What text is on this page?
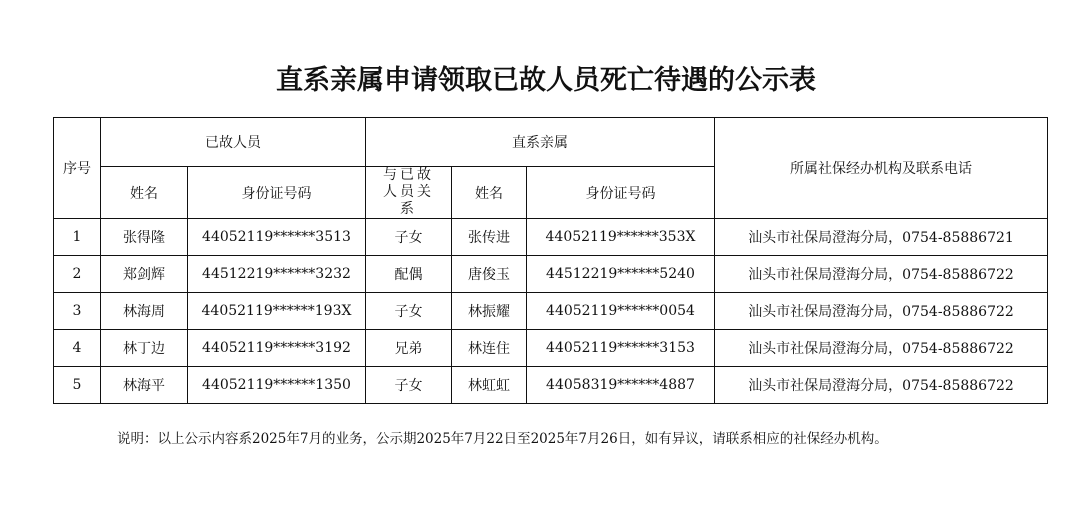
直系亲属申请领取已故人员死亡待遇的公示表
序号	已故人员		直系亲属			所属社保经办机构及联系电话
	姓名	身份证号码	与已故人员关系	姓名	身份证号码	
1	张得隆	44052119******3513	子女	张传进	44052119******353X	汕头市社保局澄海分局，0754-85886721
2	郑剑辉	44512219******3232	配偶	唐俊玉	44512219******5240	汕头市社保局澄海分局，0754-85886722
3	林海周	44052119******193X	子女	林振耀	44052119******0054	汕头市社保局澄海分局，0754-85886722
4	林丁边	44052119******3192	兄弟	林连住	44052119******3153	汕头市社保局澄海分局，0754-85886722
5	林海平	44052119******1350	子女	林虹虹	44058319******4887	汕头市社保局澄海分局，0754-85886722
说明：以上公示内容系2025年7月的业务，公示期2025年7月22日至2025年7月26日，如有异议，请联系相应的社保经办机构。
